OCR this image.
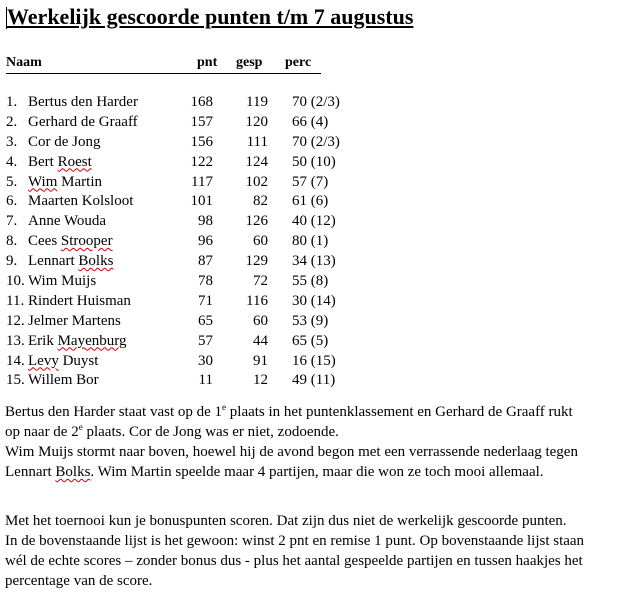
Werkelijk gescoorde punten t/m 7 augustus
Naam	pnt gesp perc
1. Bertus den Harder	168 119 70 (2/3)
2. Gerhard de Graaff	157 120 66 (4)
3. Cor de Jong	156	111 70 (2/3)
4. Bert Roest	122 124 50 (10)
5. Wim Martin	117 102 57 (7)
6. Maarten Kolsloot	101	82 61 (6)
7. Anne Wouda	98 126 40 (12)
8. Cees Strooper	96	60 80 (1)
9. Lennart Bolks	87 129 34 (13)
10. Wim Muijs	78	72 55 (8)
11. Rindert Huisman	71 116 30 (14)
12. Jelmer Martens	65	60 53 (9)
13. Erik Mayenburg	57	44 65 (5)
14. Levy Duyst	30	91 16 (15)
15. Willem Bor	11	12 49 (11)
Bertus den Harder staat vast op de 1e plaats in het puntenklassement en Gerhard de Graaff rukt
op naar de 2e plaats. Cor de Jong was er niet, zodoende.
Wim Muijs stormt naar boven, hoewel hij de avond begon met een verrassende nederlaag tegen
Lennart Bolks. Wim Martin speelde maar 4 partijen, maar die won ze toch mooi allemaal.
Met het toernooi kun je bonuspunten scoren. Dat zijn dus niet de werkelijk gescoorde punten.
In de bovenstaande lijst is het gewoon: winst 2 pnt en remise 1 punt. Op bovenstaande lijst staan
wél de echte scores – zonder bonus dus - plus het aantal gespeelde partijen en tussen haakjes het
percentage van de score.
